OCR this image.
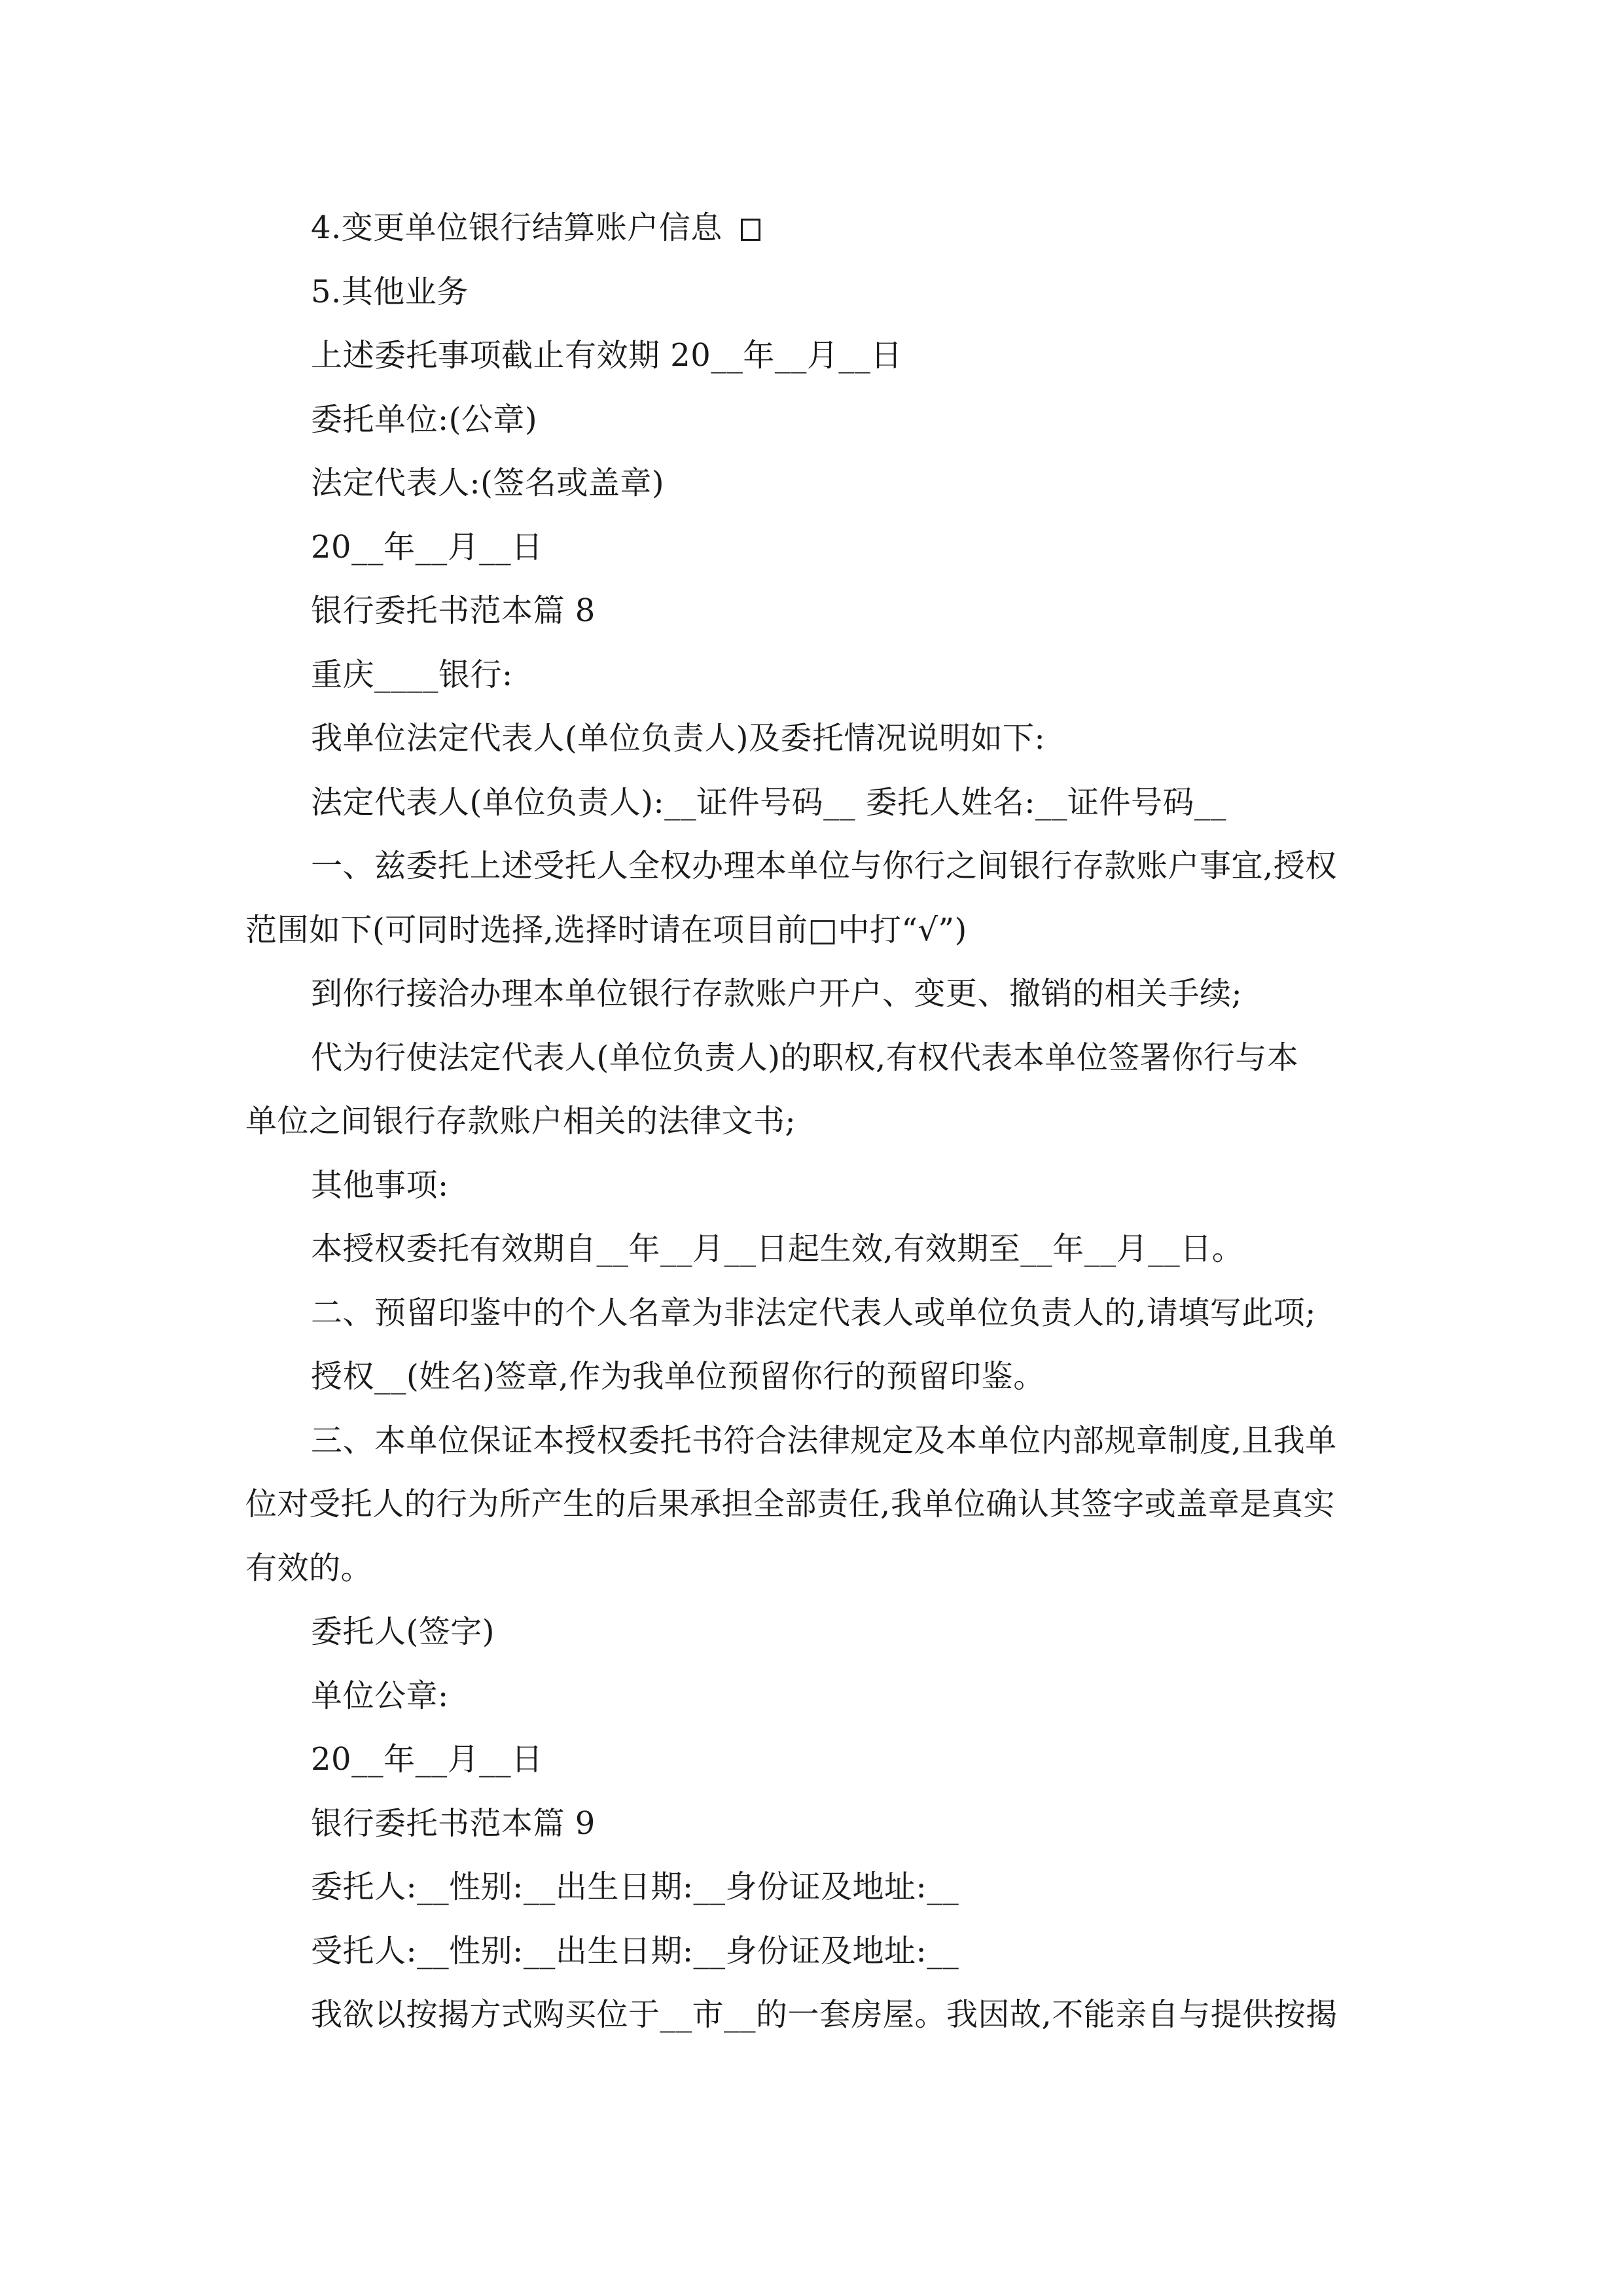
4.变更单位银行结算账户信息
5.其他业务
上述委托事项截止有效期 20__年__月__日
委托单位:(公章)
法定代表人:(签名或盖章)
20__年__月__日
银行委托书范本篇 8
重庆____银行:
我单位法定代表人(单位负责人)及委托情况说明如下:
法定代表人(单位负责人):__证件号码__ 委托人姓名:__证件号码__
一、兹委托上述受托人全权办理本单位与你行之间银行存款账户事宜,授权
范围如下(可同时选择,选择时请在项目前□中打“√”)
到你行接洽办理本单位银行存款账户开户、变更、撤销的相关手续;
代为行使法定代表人(单位负责人)的职权,有权代表本单位签署你行与本
单位之间银行存款账户相关的法律文书;
其他事项:
本授权委托有效期自__年__月__日起生效,有效期至__年__月__日。
二、预留印鉴中的个人名章为非法定代表人或单位负责人的,请填写此项;
授权__(姓名)签章,作为我单位预留你行的预留印鉴。
三、本单位保证本授权委托书符合法律规定及本单位内部规章制度,且我单
位对受托人的行为所产生的后果承担全部责任,我单位确认其签字或盖章是真实
有效的。
委托人(签字)
单位公章:
20__年__月__日
银行委托书范本篇 9
委托人:__性别:__出生日期:__身份证及地址:__
受托人:__性别:__出生日期:__身份证及地址:__
我欲以按揭方式购买位于__市__的一套房屋。我因故,不能亲自与提供按揭
